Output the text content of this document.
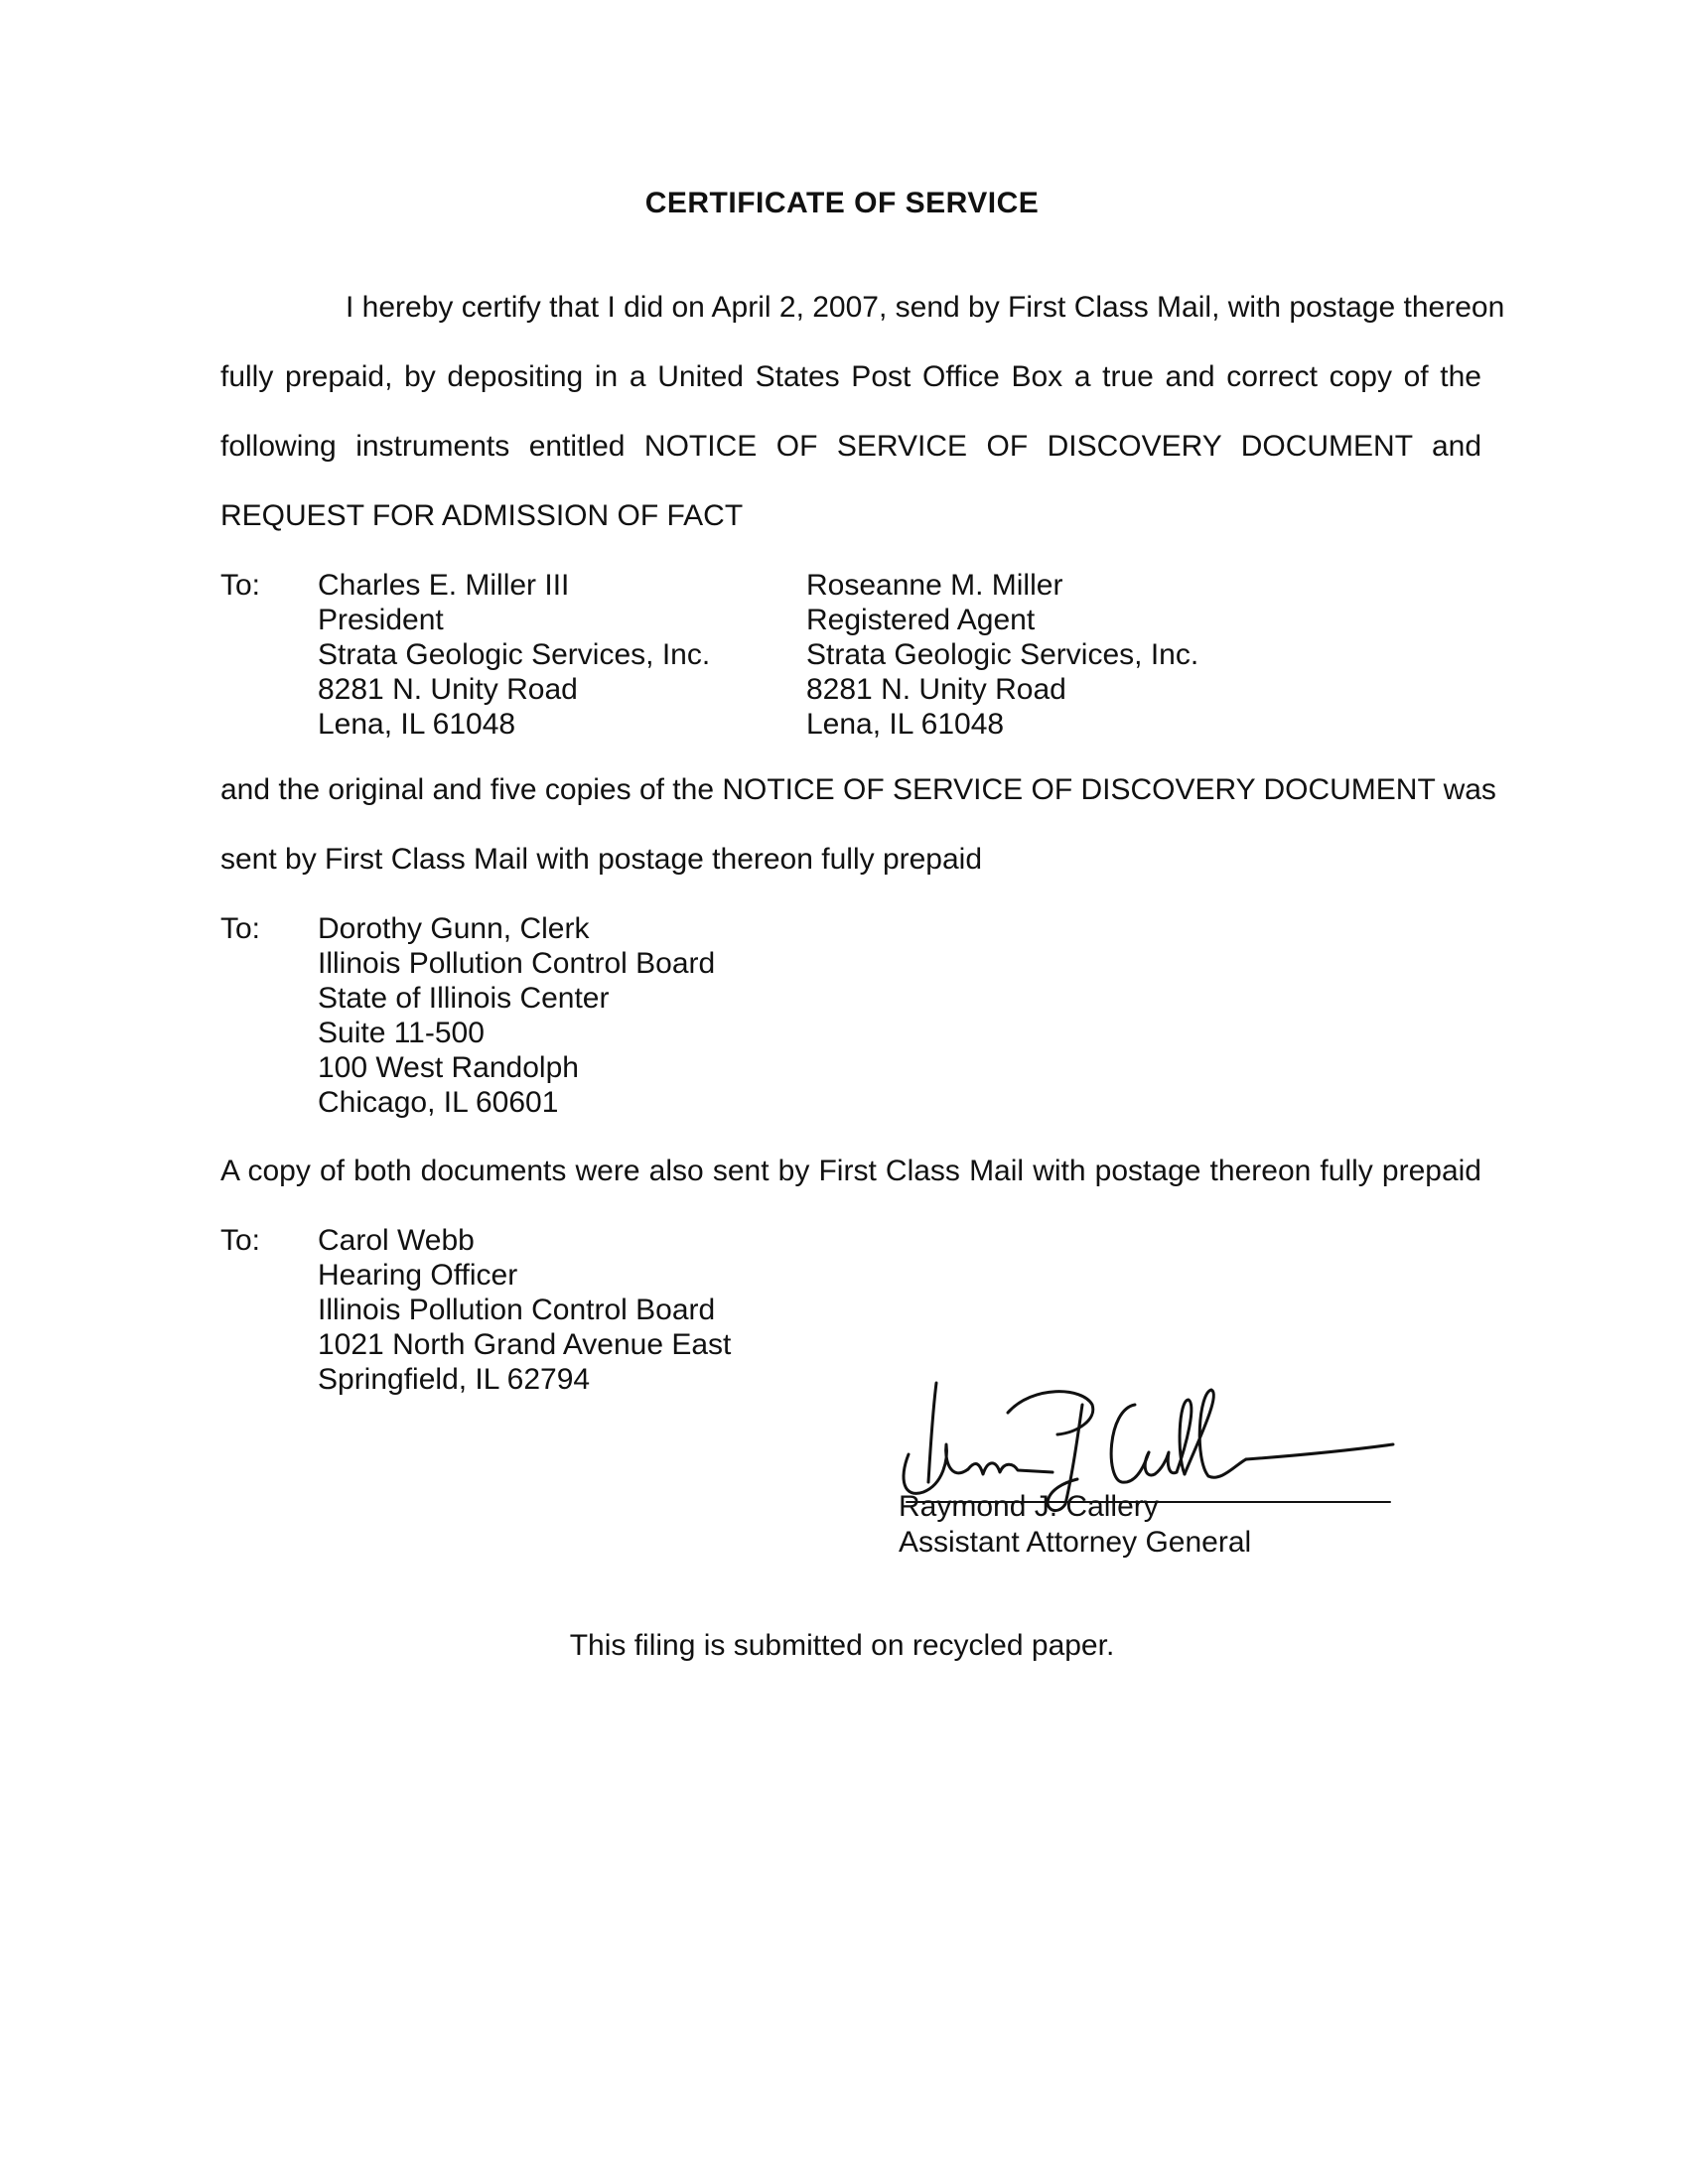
CERTIFICATE OF SERVICE
I hereby certify that I did on April 2, 2007, send by First Class Mail, with postage thereon
fully prepaid, by depositing in a United States Post Office Box a true and correct copy of the
following instruments entitled NOTICE OF SERVICE OF DISCOVERY DOCUMENT and
REQUEST FOR ADMISSION OF FACT
To: Charles E. Miller III
President
Strata Geologic Services, Inc.
8281 N. Unity Road
Lena, IL 61048
Roseanne M. Miller
Registered Agent
Strata Geologic Services, Inc.
8281 N. Unity Road
Lena, IL 61048
and the original and five copies of the NOTICE OF SERVICE OF DISCOVERY DOCUMENT was
sent by First Class Mail with postage thereon fully prepaid
To: Dorothy Gunn, Clerk
Illinois Pollution Control Board
State of Illinois Center
Suite 11-500
100 West Randolph
Chicago, IL 60601
A copy of both documents were also sent by First Class Mail with postage thereon fully prepaid
To: Carol Webb
Hearing Officer
Illinois Pollution Control Board
1021 North Grand Avenue East
Springfield, IL 62794
Raymond J. Callery
Assistant Attorney General
This filing is submitted on recycled paper.
